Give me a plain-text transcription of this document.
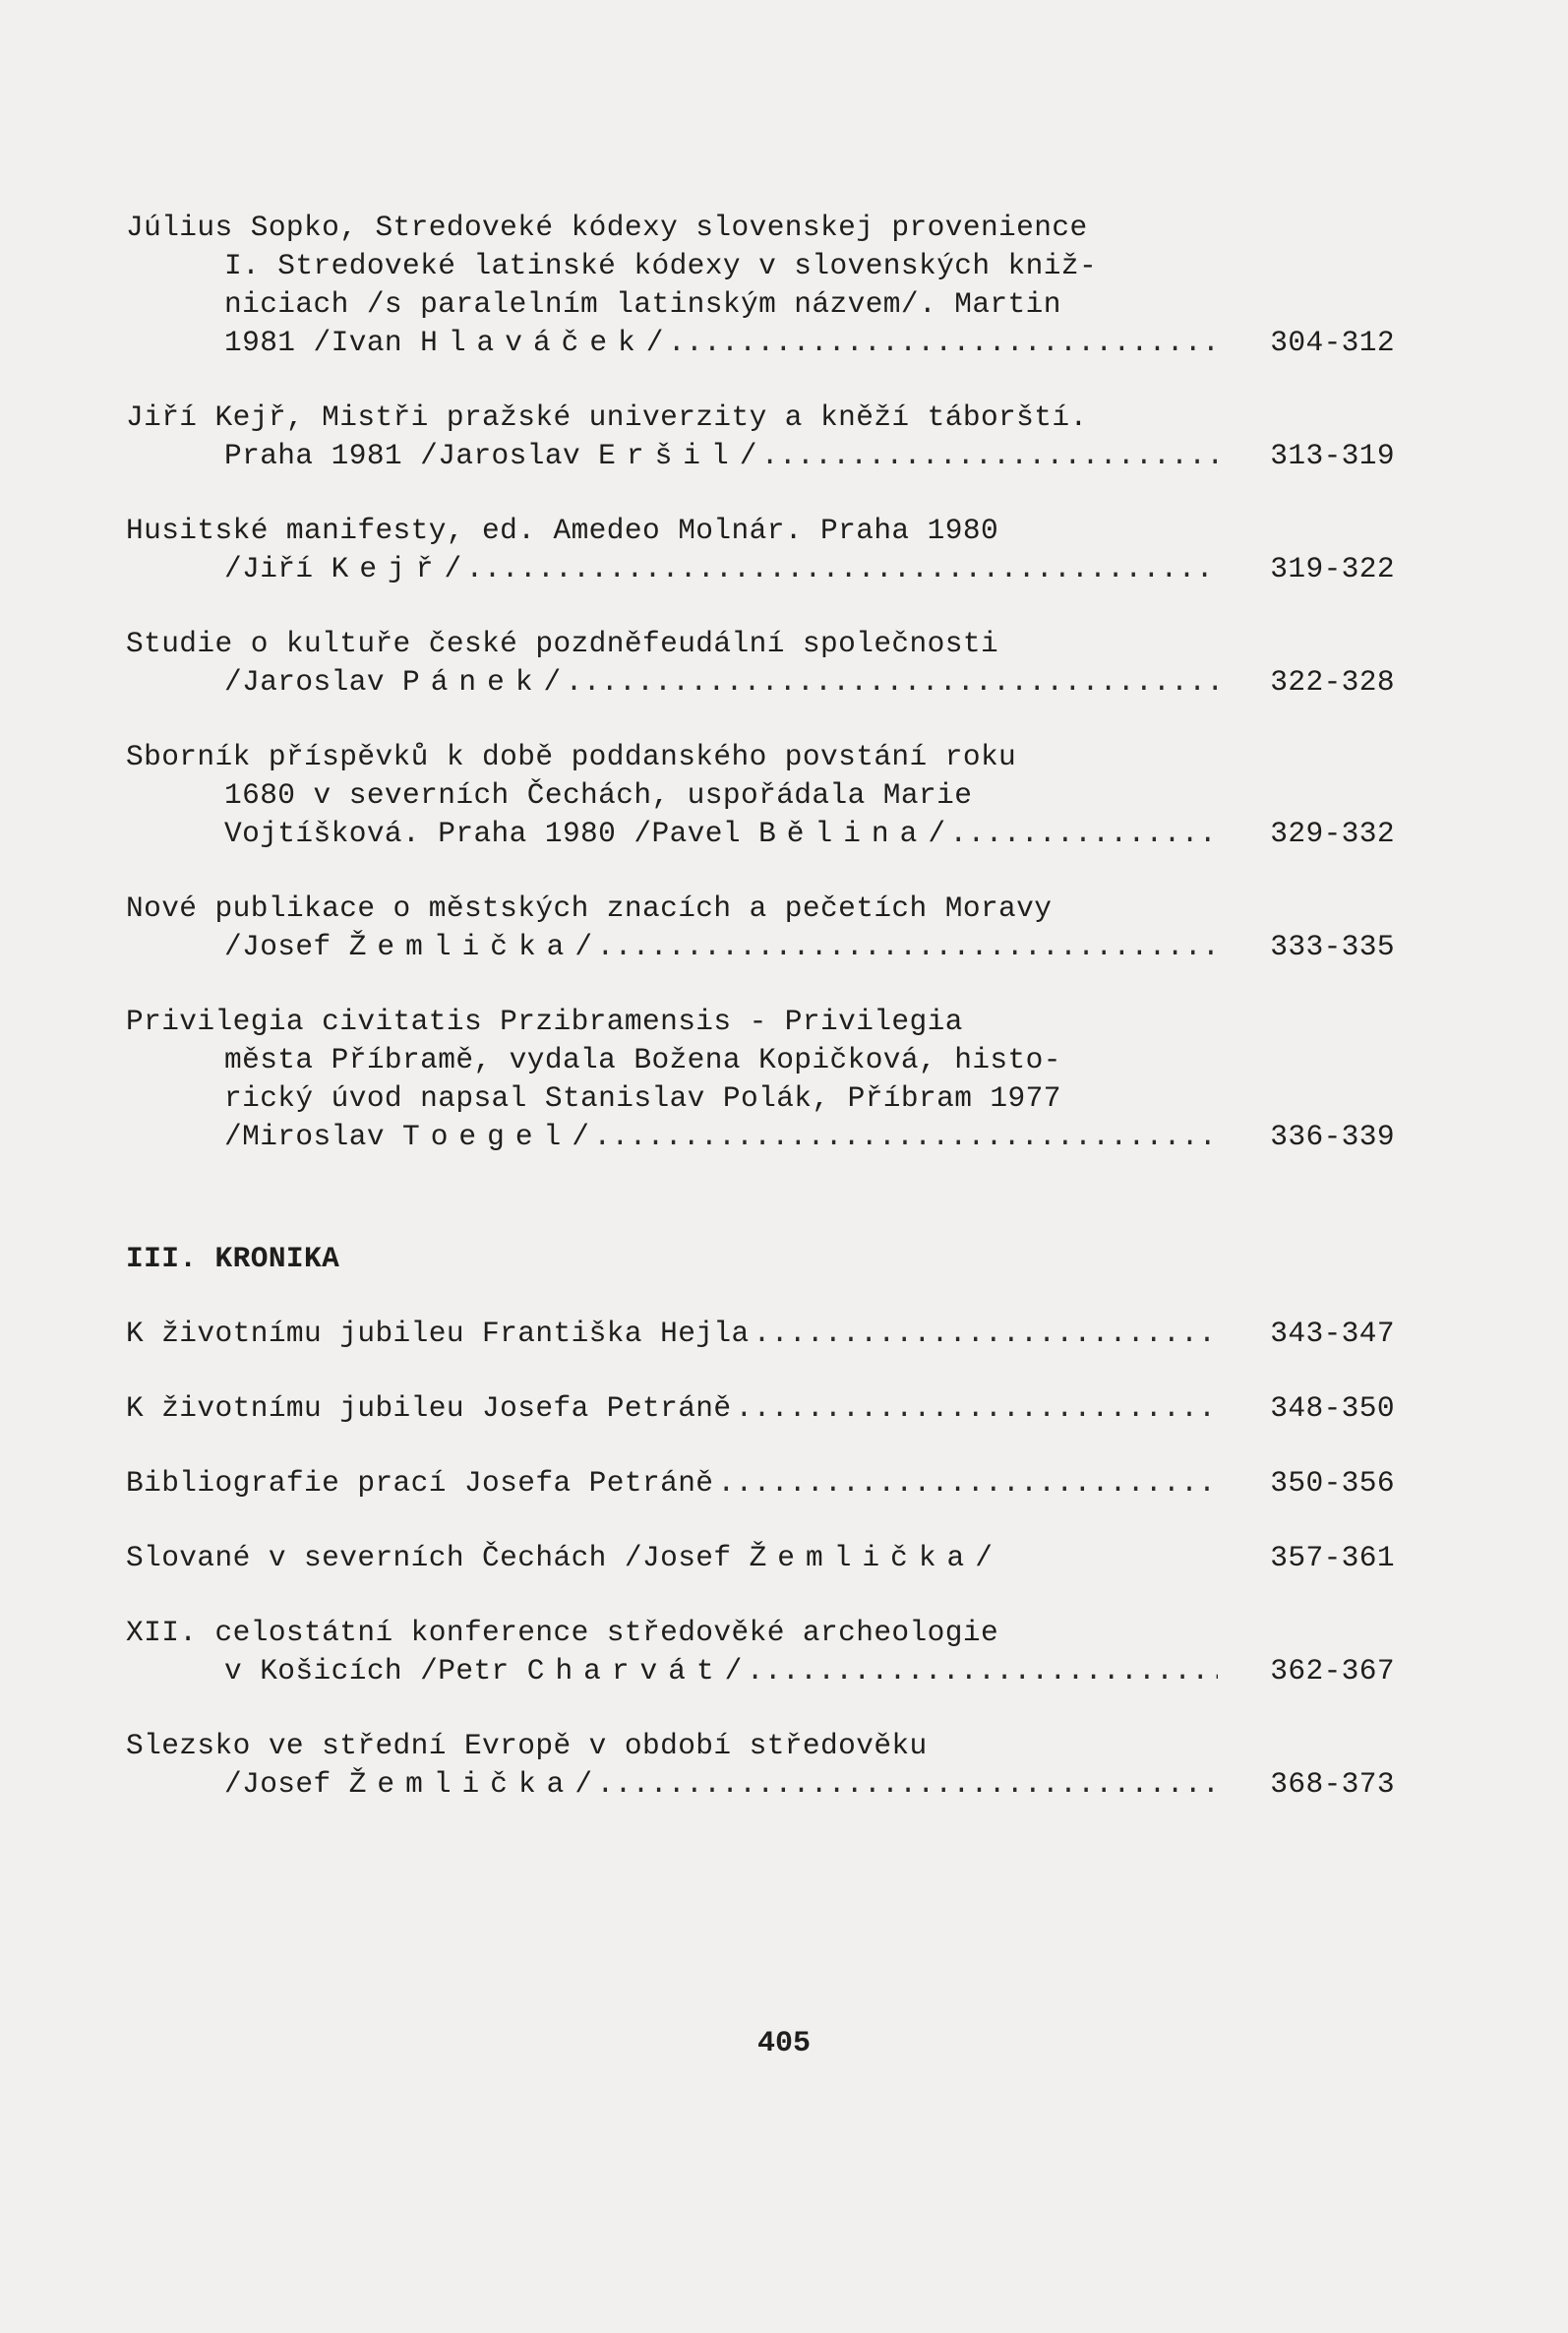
Július Sopko, Stredoveké kódexy slovenskej provenience
I. Stredoveké latinské kódexy v slovenských kniž-
niciach /s paralelním latinským názvem/. Martin
1981 /Ivan Hlaváček/ .....	304-312
Jiří Kejř, Mistři pražské univerzity a kněží táborští.
Praha 1981 /Jaroslav Eršil/ .....	313-319
Husitské manifesty, ed. Amedeo Molnár. Praha 1980
/Jiří Kejř/ .....	319-322
Studie o kultuře české pozdněfeudální společnosti
/Jaroslav Pánek/ .....	322-328
Sborník příspěvků k době poddanského povstání roku
1680 v severních Čechách, uspořádala Marie
Vojtíšková. Praha 1980 /Pavel Bělina/ .....	329-332
Nové publikace o městských znacích a pečetích Moravy
/Josef Žemlička/ .....	333-335
Privilegia civitatis Przibramensis - Privilegia
města Příbramě, vydala Božena Kopičková, histo-
rický úvod napsal Stanislav Polák, Příbram 1977
/Miroslav Toegel/ .....	336-339
III. KRONIKA
K životnímu jubileu Františka Hejla .....	343-347
K životnímu jubileu Josefa Petráně .....	348-350
Bibliografie prací Josefa Petráně .....	350-356
Slované v severních Čechách /Josef Žemlička/	357-361
XII. celostátní konference středověké archeologie
v Košicích /Petr Charvát/ .....	362-367
Slezsko ve střední Evropě v období středověku
/Josef Žemlička/ .....	368-373
405
